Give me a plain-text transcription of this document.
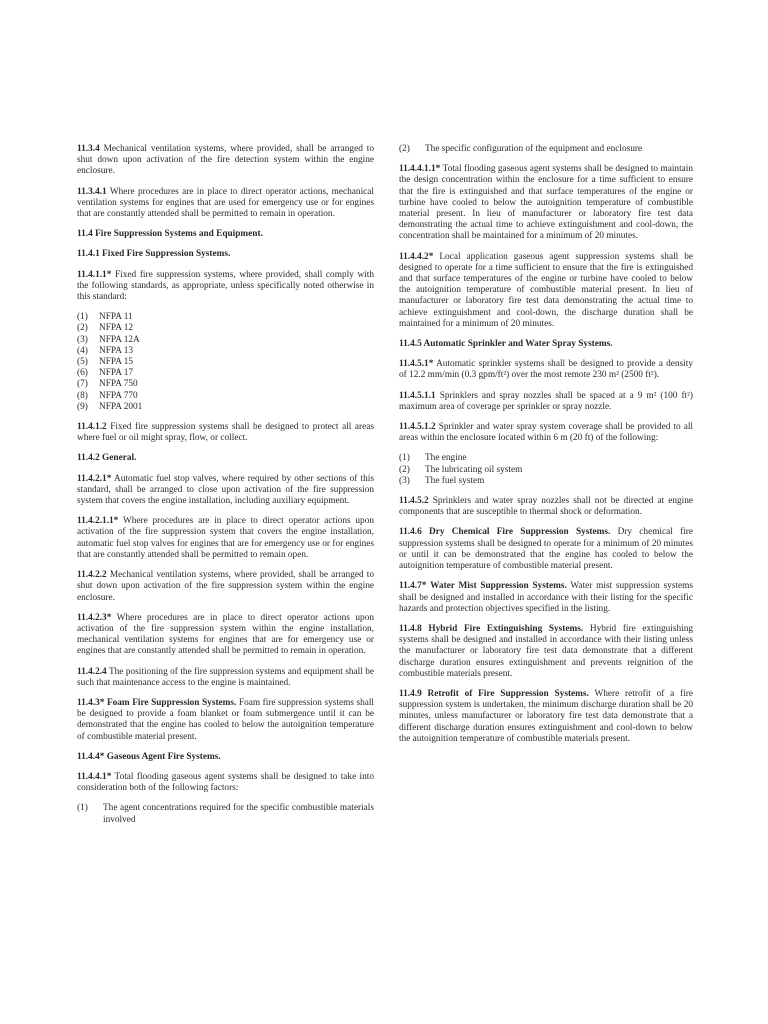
11.3.4 Mechanical ventilation systems, where provided, shall be arranged to shut down upon activation of the fire detection system within the engine enclosure.

11.3.4.1 Where procedures are in place to direct operator actions, mechanical ventilation systems for engines that are used for emergency use or for engines that are constantly attended shall be permitted to remain in operation.

11.4 Fire Suppression Systems and Equipment.

11.4.1 Fixed Fire Suppression Systems.

11.4.1.1* Fixed fire suppression systems, where provided, shall comply with the following standards, as appropriate, unless specifically noted otherwise in this standard:

(1)	NFPA 11
(2)	NFPA 12
(3)	NFPA 12A
(4)	NFPA 13
(5)	NFPA 15
(6)	NFPA 17
(7)	NFPA 750
(8)	NFPA 770
(9)	NFPA 2001

11.4.1.2 Fixed fire suppression systems shall be designed to protect all areas where fuel or oil might spray, flow, or collect.

11.4.2 General.

11.4.2.1* Automatic fuel stop valves, where required by other sections of this standard, shall be arranged to close upon activation of the fire suppression system that covers the engine installation, including auxiliary equipment.

11.4.2.1.1* Where procedures are in place to direct operator actions upon activation of the fire suppression system that covers the engine installation, automatic fuel stop valves for engines that are for emergency use or for engines that are constantly attended shall be permitted to remain open.

11.4.2.2 Mechanical ventilation systems, where provided, shall be arranged to shut down upon activation of the fire suppression system within the engine enclosure.

11.4.2.3* Where procedures are in place to direct operator actions upon activation of the fire suppression system within the engine installation, mechanical ventilation systems for engines that are for emergency use or engines that are constantly attended shall be permitted to remain in operation.

11.4.2.4 The positioning of the fire suppression systems and equipment shall be such that maintenance access to the engine is maintained.

11.4.3* Foam Fire Suppression Systems. Foam fire suppression systems shall be designed to provide a foam blanket or foam submergence until it can be demonstrated that the engine has cooled to below the autoignition temperature of combustible material present.

11.4.4* Gaseous Agent Fire Systems.

11.4.4.1* Total flooding gaseous agent systems shall be designed to take into consideration both of the following factors:

(1)	The agent concentrations required for the specific combustible materials involved
(2)	The specific configuration of the equipment and enclosure

11.4.4.1.1* Total flooding gaseous agent systems shall be designed to maintain the design concentration within the enclosure for a time sufficient to ensure that the fire is extinguished and that surface temperatures of the engine or turbine have cooled to below the autoignition temperature of combustible material present. In lieu of manufacturer or laboratory fire test data demonstrating the actual time to achieve extinguishment and cool-down, the concentration shall be maintained for a minimum of 20 minutes.

11.4.4.2* Local application gaseous agent suppression systems shall be designed to operate for a time sufficient to ensure that the fire is extinguished and that surface temperatures of the engine or turbine have cooled to below the autoignition temperature of combustible material present. In lieu of manufacturer or laboratory fire test data demonstrating the actual time to achieve extinguishment and cool-down, the discharge duration shall be maintained for a minimum of 20 minutes.

11.4.5 Automatic Sprinkler and Water Spray Systems.

11.4.5.1* Automatic sprinkler systems shall be designed to provide a density of 12.2 mm/min (0.3 gpm/ft²) over the most remote 230 m² (2500 ft²).

11.4.5.1.1 Sprinklers and spray nozzles shall be spaced at a 9 m² (100 ft²) maximum area of coverage per sprinkler or spray nozzle.

11.4.5.1.2 Sprinkler and water spray system coverage shall be provided to all areas within the enclosure located within 6 m (20 ft) of the following:

(1)	The engine
(2)	The lubricating oil system
(3)	The fuel system

11.4.5.2 Sprinklers and water spray nozzles shall not be directed at engine components that are susceptible to thermal shock or deformation.

11.4.6 Dry Chemical Fire Suppression Systems. Dry chemical fire suppression systems shall be designed to operate for a minimum of 20 minutes or until it can be demonstrated that the engine has cooled to below the autoignition temperature of combustible material present.

11.4.7* Water Mist Suppression Systems. Water mist suppression systems shall be designed and installed in accordance with their listing for the specific hazards and protection objectives specified in the listing.

11.4.8 Hybrid Fire Extinguishing Systems. Hybrid fire extinguishing systems shall be designed and installed in accordance with their listing unless the manufacturer or laboratory fire test data demonstrate that a different discharge duration ensures extinguishment and prevents reignition of the combustible materials present.

11.4.9 Retrofit of Fire Suppression Systems. Where retrofit of a fire suppression system is undertaken, the minimum discharge duration shall be 20 minutes, unless manufacturer or laboratory fire test data demonstrate that a different discharge duration ensures extinguishment and cool-down to below the autoignition temperature of combustible materials present.
